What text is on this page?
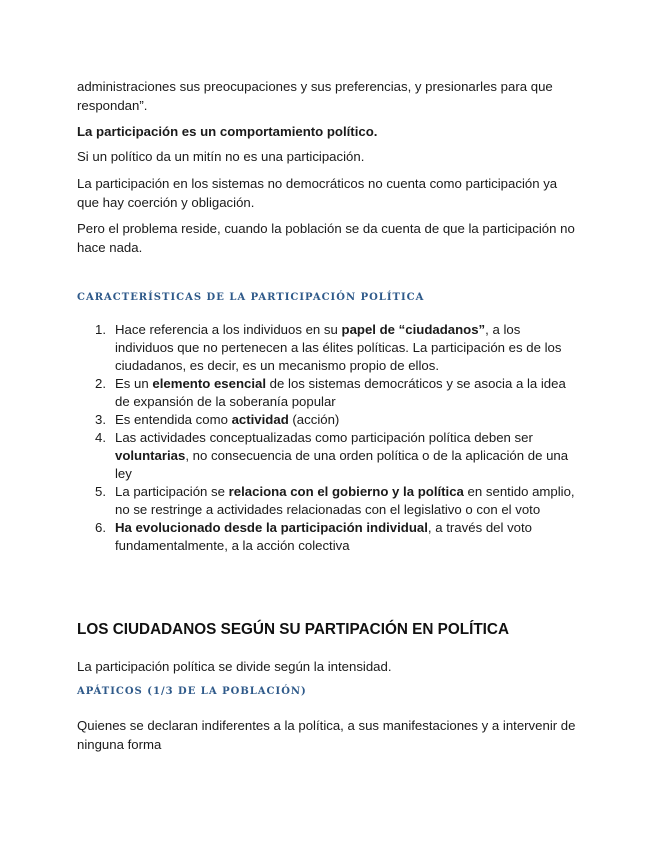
administraciones sus preocupaciones y sus preferencias, y presionarles para que respondan”.

La participación es un comportamiento político.

Si un político da un mitín no es una participación.

La participación en los sistemas no democráticos no cuenta como participación ya que hay coerción y obligación.

Pero el problema reside, cuando la población se da cuenta de que la participación no hace nada.

CARACTERÍSTICAS DE LA PARTICIPACIÓN POLÍTICA
1. Hace referencia a los individuos en su papel de “ciudadanos”, a los individuos que no pertenecen a las élites políticas. La participación es de los ciudadanos, es decir, es un mecanismo propio de ellos.
2. Es un elemento esencial de los sistemas democráticos y se asocia a la idea de expansión de la soberanía popular
3. Es entendida como actividad (acción)
4. Las actividades conceptualizadas como participación política deben ser voluntarias, no consecuencia de una orden política o de la aplicación de una ley
5. La participación se relaciona con el gobierno y la política en sentido amplio, no se restringe a actividades relacionadas con el legislativo o con el voto
6. Ha evolucionado desde la participación individual, a través del voto fundamentalmente, a la acción colectiva
LOS CIUDADANOS SEGÚN SU PARTIPACIÓN EN POLÍTICA

La participación política se divide según la intensidad.

APÁTICOS (1/3 DE LA POBLACIÓN)

Quienes se declaran indiferentes a la política, a sus manifestaciones y a intervenir de ninguna forma
